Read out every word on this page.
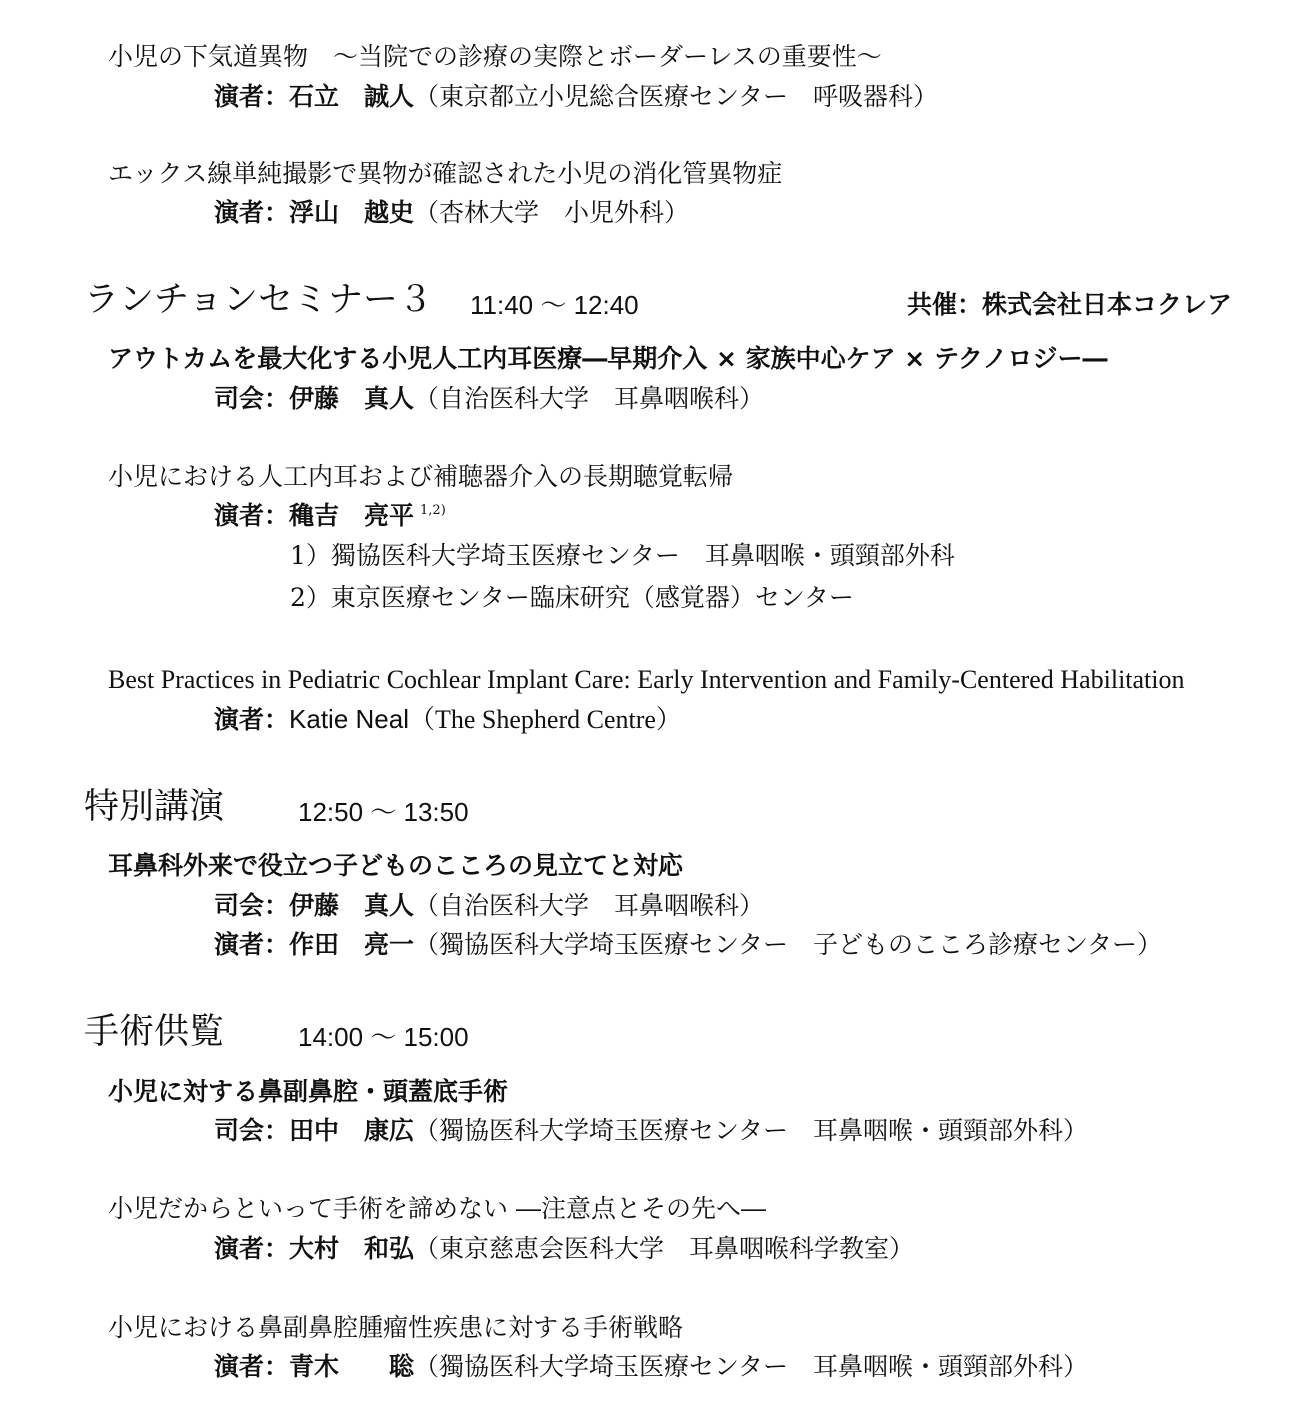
小児の下気道異物　～当院での診療の実際とボーダーレスの重要性～
演者：石立　誠人（東京都立小児総合医療センター　呼吸器科）
エックス線単純撮影で異物が確認された小児の消化管異物症
演者：浮山　越史（杏林大学　小児外科）
ランチョンセミナー３ 11:40 ～ 12:40	共催：株式会社日本コクレア
アウトカムを最大化する小児人工内耳医療―早期介入 × 家族中心ケア × テクノロジー―
司会：伊藤　真人（自治医科大学　耳鼻咽喉科）
小児における人工内耳および補聴器介入の長期聴覚転帰
演者：穐吉　亮平 $^{1,2)}$
1）獨協医科大学埼玉医療センター　耳鼻咽喉・頭頸部外科
2）東京医療センター臨床研究（感覚器）センター
Best Practices in Pediatric Cochlear Implant Care: Early Intervention and Family-Centered Habilitation
演者：Katie Neal（The Shepherd Centre）
特別講演	12:50 ～ 13:50
耳鼻科外来で役立つ子どものこころの見立てと対応
司会：伊藤　真人（自治医科大学　耳鼻咽喉科）
演者：作田　亮一（獨協医科大学埼玉医療センター　子どものこころ診療センター）
手術供覧	14:00 ～ 15:00
小児に対する鼻副鼻腔・頭蓋底手術
司会：田中　康広（獨協医科大学埼玉医療センター　耳鼻咽喉・頭頸部外科）
小児だからといって手術を諦めない ―注意点とその先へ―
演者：大村　和弘（東京慈恵会医科大学　耳鼻咽喉科学教室）
小児における鼻副鼻腔腫瘤性疾患に対する手術戦略
演者：青木　　聡（獨協医科大学埼玉医療センター　耳鼻咽喉・頭頸部外科）
